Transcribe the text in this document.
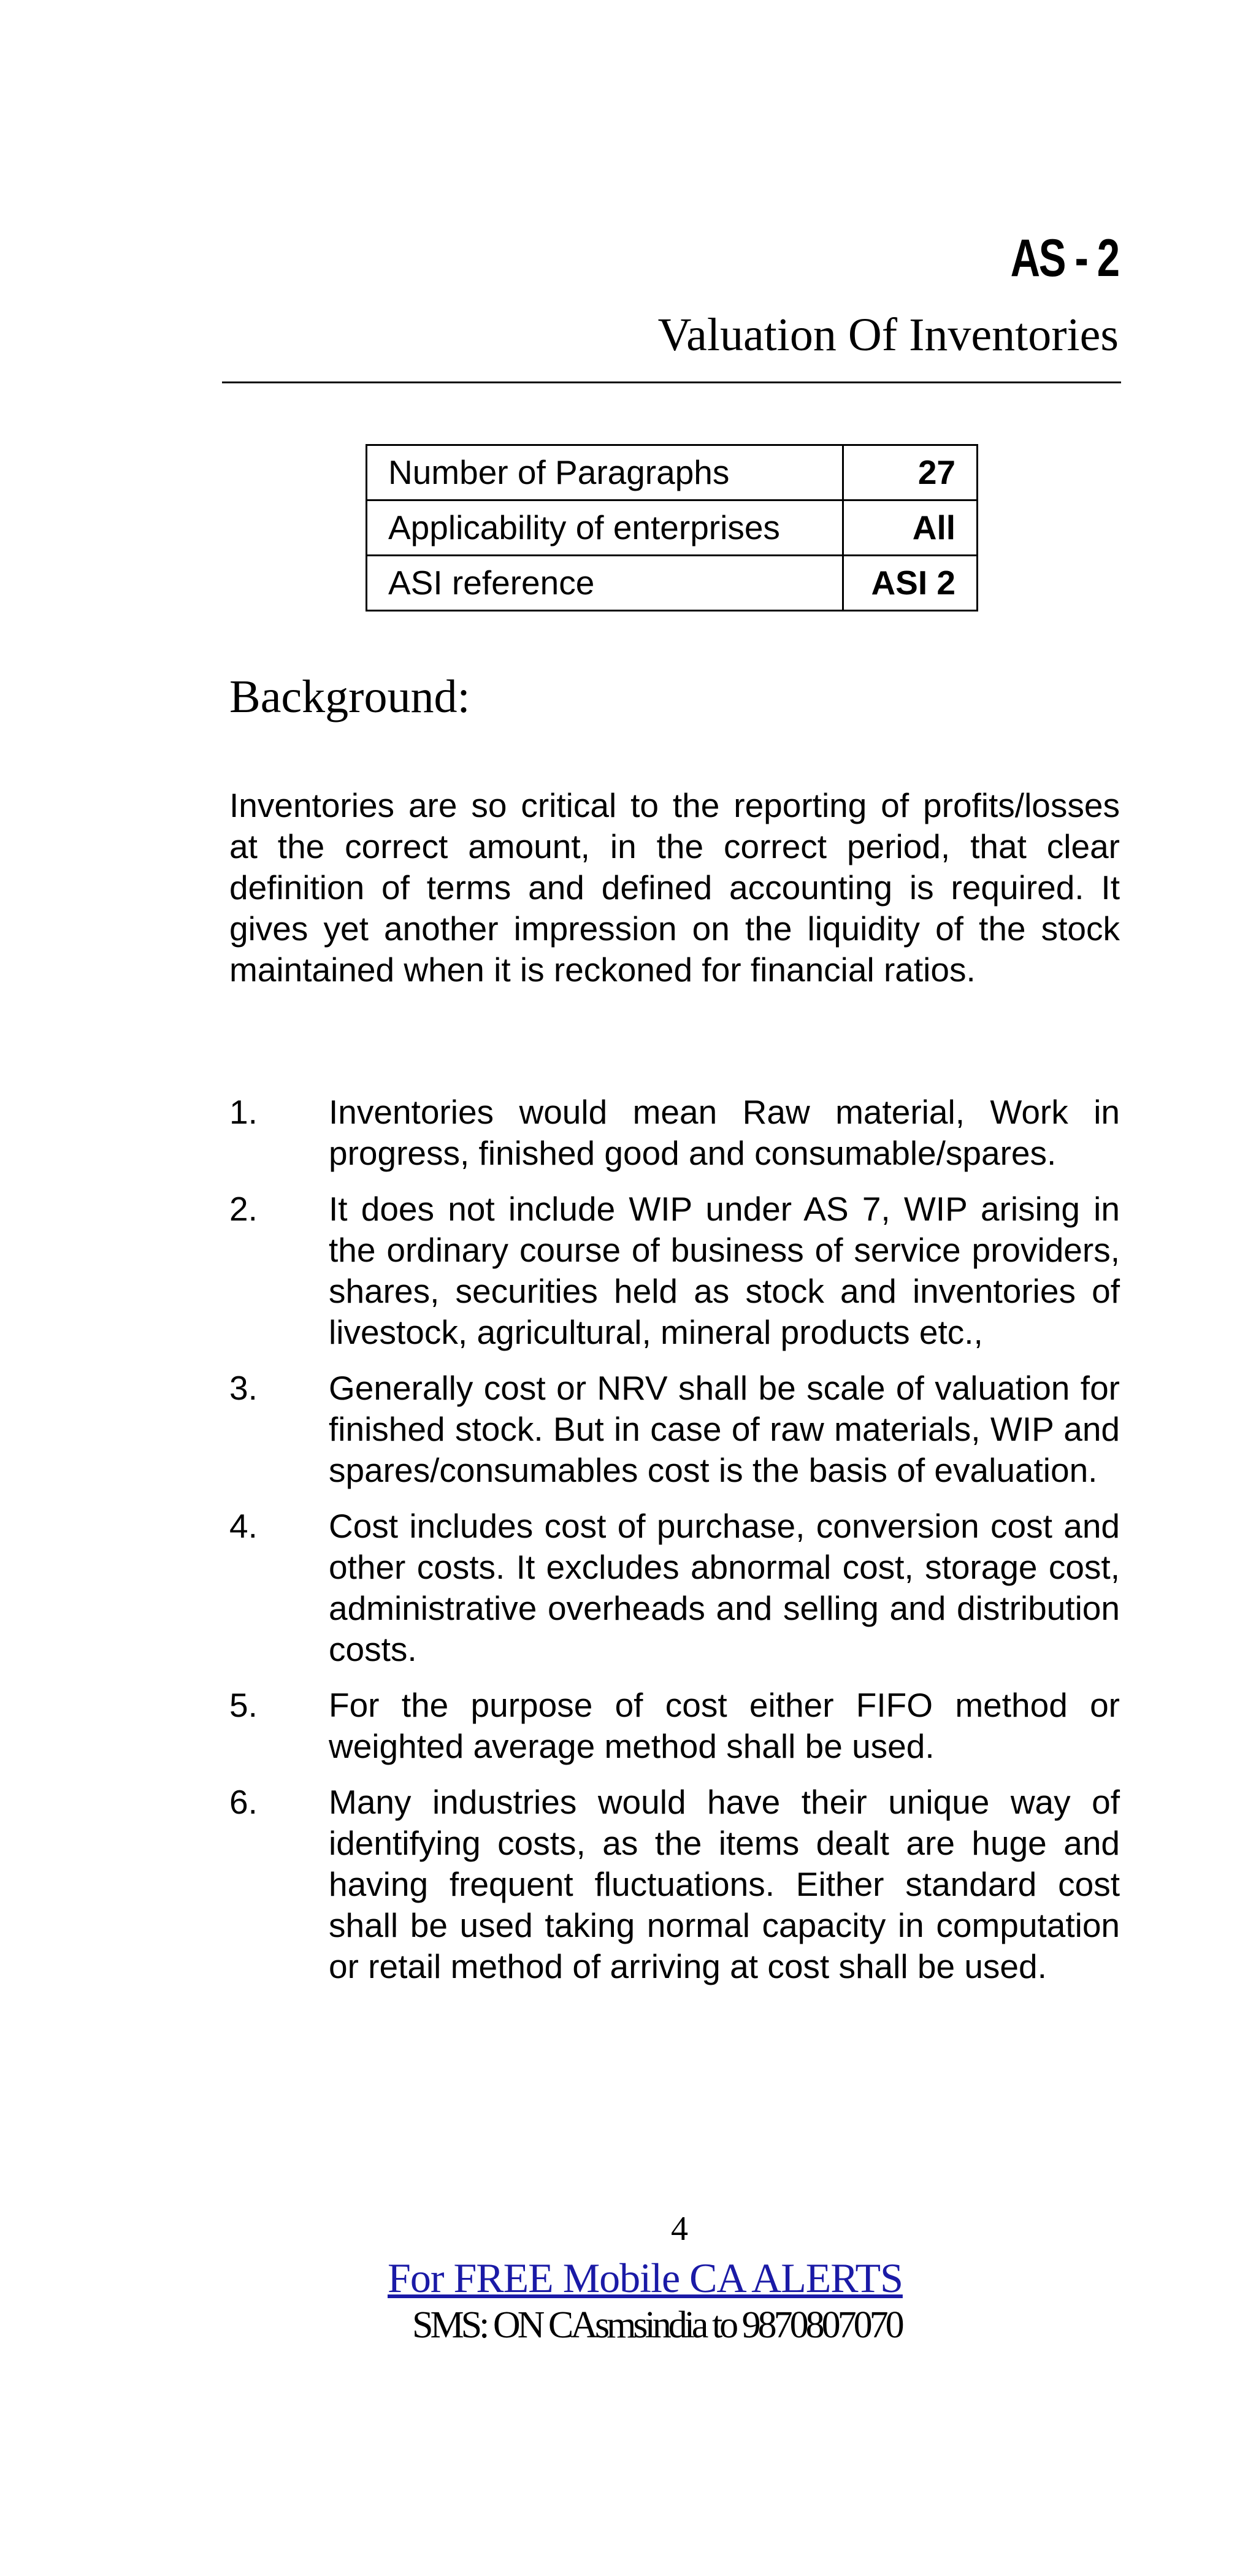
AS - 2
Valuation Of Inventories
Number of Paragraphs	27
Applicability of enterprises	All
ASI reference	ASI 2
Background:
Inventories are so critical to the reporting of profits/losses at the correct amount, in the correct period, that clear definition of terms and defined accounting is required. It gives yet another impression on the liquidity of the stock maintained when it is reckoned for financial ratios.
1. Inventories would mean Raw material, Work in progress, finished good and consumable/spares.
2. It does not include WIP under AS 7, WIP arising in the ordinary course of business of service providers, shares, securities held as stock and inventories of livestock, agricultural, mineral products etc.,
3. Generally cost or NRV shall be scale of valuation for finished stock. But in case of raw materials, WIP and spares/consumables cost is the basis of evaluation.
4. Cost includes cost of purchase, conversion cost and other costs. It excludes abnormal cost, storage cost, administrative overheads and selling and distribution costs.
5. For the purpose of cost either FIFO method or weighted average method shall be used.
6. Many industries would have their unique way of identifying costs, as the items dealt are huge and having frequent fluctuations. Either standard cost shall be used taking normal capacity in computation or retail method of arriving at cost shall be used.
4
For FREE Mobile CA ALERTS
SMS: ON CAsmsindia to 9870807070
